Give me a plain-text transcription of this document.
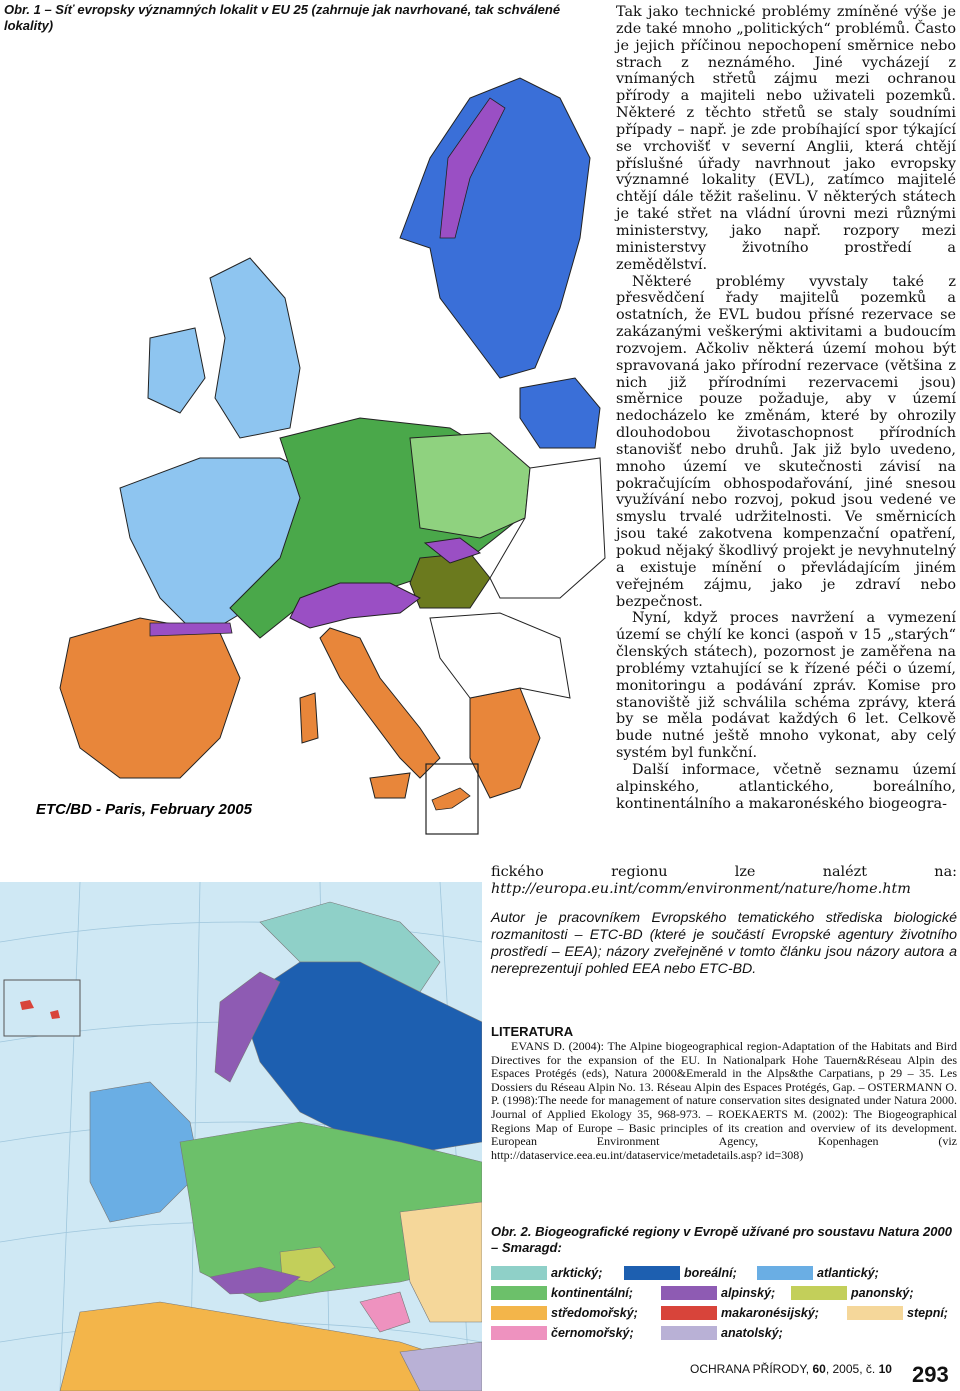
Obr. 1 – Síť evropsky významných lokalit v EU 25 (zahrnuje jak navrhované, tak schválené lokality)
ETC/BD - Paris, February 2005

Tak jako technické problémy zmíněné výše je zde také mnoho „politických“ problémů. Často je jejich příčinou nepochopení směrnice nebo strach z neznámého. Jiné vycházejí z vnímaných střetů zájmu mezi ochranou přírody a majiteli nebo uživateli pozemků. Některé z těchto střetů se staly soudními případy – např. je zde probíhající spor týkající se vrchovišť v severní Anglii, která chtějí příslušné úřady navrhnout jako evropsky významné lokality (EVL), zatímco majitelé chtějí dále těžit rašelinu. V některých státech je také střet na vládní úrovni mezi různými ministerstvy, jako např. rozpory mezi ministerstvy životního prostředí a zemědělství.

Některé problémy vyvstaly také z přesvědčení řady majitelů pozemků a ostatních, že EVL budou přísné rezervace se zakázanými veškerými aktivitami a budoucím rozvojem. Ačkoliv některá území mohou být spravovaná jako přírodní rezervace (většina z nich již přírodními rezervacemi jsou) směrnice pouze požaduje, aby v území nedocházelo ke změnám, které by ohrozily dlouhodobou životaschopnost přírodních stanovišť nebo druhů. Jak již bylo uvedeno, mnoho území ve skutečnosti závisí na pokračujícím obhospodařování, jiné snesou využívání nebo rozvoj, pokud jsou vedené ve smyslu trvalé udržitelnosti. Ve směrnicích jsou také zakotvena kompenzační opatření, pokud nějaký škodlivý projekt je nevyhnutelný a existuje mínění o převládajícím jiném veřejném zájmu, jako je zdraví nebo bezpečnost.

Nyní, když proces navržení a vymezení území se chýlí ke konci (aspoň v 15 „starých“ členských státech), pozornost je zaměřena na problémy vztahující se k řízené péči o území, monitoringu a podávání zpráv. Komise pro stanoviště již schválila schéma zprávy, která by se měla podávat každých 6 let. Celkově bude nutné ještě mnoho vykonat, aby celý systém byl funkční.

Další informace, včetně seznamu území alpinského, atlantického, boreálního, kontinentálního a makaronéského biogeogra-

fického regionu lze nalézt na: http://europa.eu.int/comm/environment/nature/home.htm

Autor je pracovníkem Evropského tematického střediska biologické rozmanitosti – ETC-BD (které je součástí Evropské agentury životního prostředí – EEA); názory zveřejněné v tomto článku jsou názory autora a nereprezentují pohled EEA nebo ETC-BD.
LITERATURA

EVANS D. (2004): The Alpine biogeographical region-Adaptation of the Habitats and Bird Directives for the expansion of the EU. In Nationalpark Hohe Tauern&Réseau Alpin des Espaces Protégés (eds), Natura 2000&Emerald in the Alps&the Carpatians, p 29 – 35. Les Dossiers du Réseau Alpin No. 13. Réseau Alpin des Espaces Protégés, Gap. – OSTERMANN O. P. (1998):The neede for management of nature conservation sites designated under Natura 2000. Journal of Applied Ekology 35, 968-973. – ROEKAERTS M. (2002): The Biogeographical Regions Map of Europe – Basic principles of its creation and overview of its development. European Environment Agency, Kopenhagen (viz http://dataservice.eea.eu.int/dataservice/metadetails.asp? id=308)

Obr. 2. Biogeografické regiony v Evropě užívané pro soustavu Natura 2000 – Smaragd:
arktický;	boreální;	atlantický;
kontinentální;	alpinský;	panonský;
středomořský;	makaronésijský;	stepní;
černomořský;	anatolský;
OCHRANA PŘÍRODY, 60, 2005, č. 10 293
